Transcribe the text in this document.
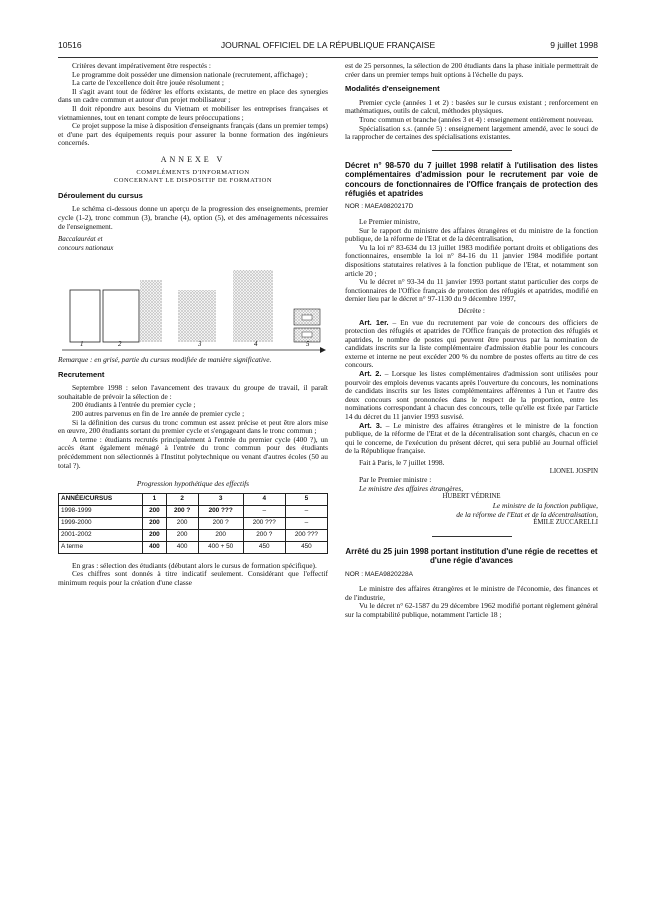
10516	JOURNAL OFFICIEL DE LA RÉPUBLIQUE FRANÇAISE	9 juillet 1998

Critères devant impérativement être respectés :

Le programme doit posséder une dimension nationale (recrutement, affichage) ;

La carte de l'excellence doit être jouée résolument ;

Il s'agit avant tout de fédérer les efforts existants, de mettre en place des synergies dans un cadre commun et autour d'un projet mobilisateur ;

Il doit répondre aux besoins du Vietnam et mobiliser les entreprises françaises et vietnamiennes, tout en tenant compte de leurs préoccupations ;

Ce projet suppose la mise à disposition d'enseignants français (dans un premier temps) et d'une part des équipements requis pour assurer la bonne formation des ingénieurs concernés.

ANNEXE V

COMPLÉMENTS D'INFORMATION

CONCERNANT LE DISPOSITIF DE FORMATION

Déroulement du cursus

Le schéma ci-dessous donne un aperçu de la progression des enseignements, premier cycle (1-2), tronc commun (3), branche (4), option (5), et des aménagements nécessaires de l'enseignement.

Baccalauréat et concours nationaux
1	2	3	4	5

Remarque : en grisé, partie du cursus modifiée de manière significative.

Recrutement

Septembre 1998 : selon l'avancement des travaux du groupe de travail, il paraît souhaitable de prévoir la sélection de :

200 étudiants à l'entrée du premier cycle ;

200 autres parvenus en fin de 1re année de premier cycle ;

Si la définition des cursus du tronc commun est assez précise et peut être alors mise en œuvre, 200 étudiants sortant du premier cycle et s'engageant dans le tronc commun ;

A terme : étudiants recrutés principalement à l'entrée du premier cycle (400 ?), un accès étant également ménagé à l'entrée du tronc commun pour des étudiants précédemment non sélectionnés à l'Institut polytechnique ou venant d'autres écoles (50 au total ?).

Progression hypothétique des effectifs

ANNÉE/CURSUS	1	2	3	4	5
1998-1999	200	200 ?	200 ???	–	–
1999-2000	200	200	200 ?	200 ???	–
2001-2002	200	200	200	200 ?	200 ???
A terme	400	400	400 + 50	450	450

En gras : sélection des étudiants (débutant alors le cursus de formation spécifique).

Ces chiffres sont donnés à titre indicatif seulement. Considérant que l'effectif minimum requis pour la création d'une classe

est de 25 personnes, la sélection de 200 étudiants dans la phase initiale permettrait de créer dans un premier temps huit options à l'échelle du pays.

Modalités d'enseignement

Premier cycle (années 1 et 2) : basées sur le cursus existant ; renforcement en mathématiques, outils de calcul, méthodes physiques.

Tronc commun et branche (années 3 et 4) : enseignement entièrement nouveau.

Spécialisation s.s. (année 5) : enseignement largement amendé, avec le souci de la rapprocher de certaines des spécialisations existantes.

Décret n° 98-570 du 7 juillet 1998 relatif à l'utilisation des listes complémentaires d'admission pour le recrutement par voie de concours de fonctionnaires de l'Office français de protection des réfugiés et apatrides

NOR : MAEA9820217D

Le Premier ministre,

Sur le rapport du ministre des affaires étrangères et du ministre de la fonction publique, de la réforme de l'Etat et de la décentralisation,

Vu la loi n° 83-634 du 13 juillet 1983 modifiée portant droits et obligations des fonctionnaires, ensemble la loi n° 84-16 du 11 janvier 1984 modifiée portant dispositions statutaires relatives à la fonction publique de l'Etat, et notamment son article 20 ;

Vu le décret n° 93-34 du 11 janvier 1993 portant statut particulier des corps de fonctionnaires de l'Office français de protection des réfugiés et apatrides, modifié en dernier lieu par le décret n° 97-1130 du 9 décembre 1997,

Décrète :

Art. 1er. – En vue du recrutement par voie de concours des officiers de protection des réfugiés et apatrides de l'Office français de protection des réfugiés et apatrides, le nombre de postes qui peuvent être pourvus par la nomination de candidats inscrits sur la liste complémentaire d'admission établie pour les concours externe et interne ne peut excéder 200 % du nombre de postes offerts au titre de ces concours.

Art. 2. – Lorsque les listes complémentaires d'admission sont utilisées pour pourvoir des emplois devenus vacants après l'ouverture du concours, les nominations de candidats inscrits sur les listes complémentaires afférentes à l'un et l'autre des deux concours sont prononcées dans le respect de la proportion, entre les nominations correspondant à chacun des concours, telle qu'elle est fixée par l'article 14 du décret du 11 janvier 1993 susvisé.

Art. 3. – Le ministre des affaires étrangères et le ministre de la fonction publique, de la réforme de l'Etat et de la décentralisation sont chargés, chacun en ce qui le concerne, de l'exécution du présent décret, qui sera publié au Journal officiel de la République française.

Fait à Paris, le 7 juillet 1998.

LIONEL JOSPIN

Par le Premier ministre :

Le ministre des affaires étrangères,

HUBERT VÉDRINE

Le ministre de la fonction publique,

de la réforme de l'Etat et de la décentralisation,

ÉMILE ZUCCARELLI

Arrêté du 25 juin 1998 portant institution d'une régie de recettes et d'une régie d'avances

NOR : MAEA9820228A

Le ministre des affaires étrangères et le ministre de l'économie, des finances et de l'industrie,

Vu le décret n° 62-1587 du 29 décembre 1962 modifié portant règlement général sur la comptabilité publique, notamment l'article 18 ;
